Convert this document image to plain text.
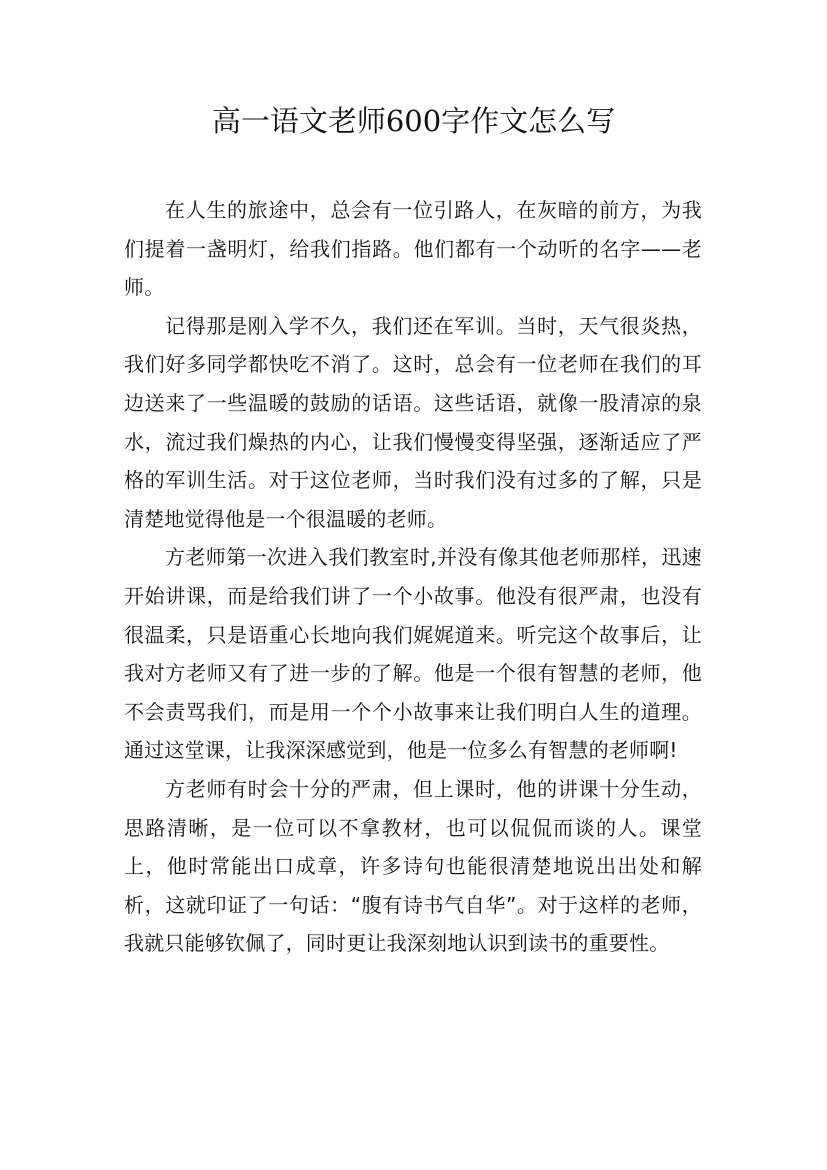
高一语文老师600字作文怎么写

在人生的旅途中，总会有一位引路人，在灰暗的前方，为我们提着一盏明灯，给我们指路。他们都有一个动听的名字——老师。

记得那是刚入学不久，我们还在军训。当时，天气很炎热，我们好多同学都快吃不消了。这时，总会有一位老师在我们的耳边送来了一些温暖的鼓励的话语。这些话语，就像一股清凉的泉水，流过我们燥热的内心，让我们慢慢变得坚强，逐渐适应了严格的军训生活。对于这位老师，当时我们没有过多的了解，只是清楚地觉得他是一个很温暖的老师。

方老师第一次进入我们教室时,并没有像其他老师那样，迅速开始讲课，而是给我们讲了一个小故事。他没有很严肃，也没有很温柔，只是语重心长地向我们娓娓道来。听完这个故事后，让我对方老师又有了进一步的了解。他是一个很有智慧的老师，他不会责骂我们，而是用一个个小故事来让我们明白人生的道理。通过这堂课，让我深深感觉到，他是一位多么有智慧的老师啊!

方老师有时会十分的严肃，但上课时，他的讲课十分生动，思路清晰，是一位可以不拿教材，也可以侃侃而谈的人。课堂上，他时常能出口成章，许多诗句也能很清楚地说出出处和解析，这就印证了一句话：“腹有诗书气自华”。对于这样的老师，我就只能够钦佩了，同时更让我深刻地认识到读书的重要性。
